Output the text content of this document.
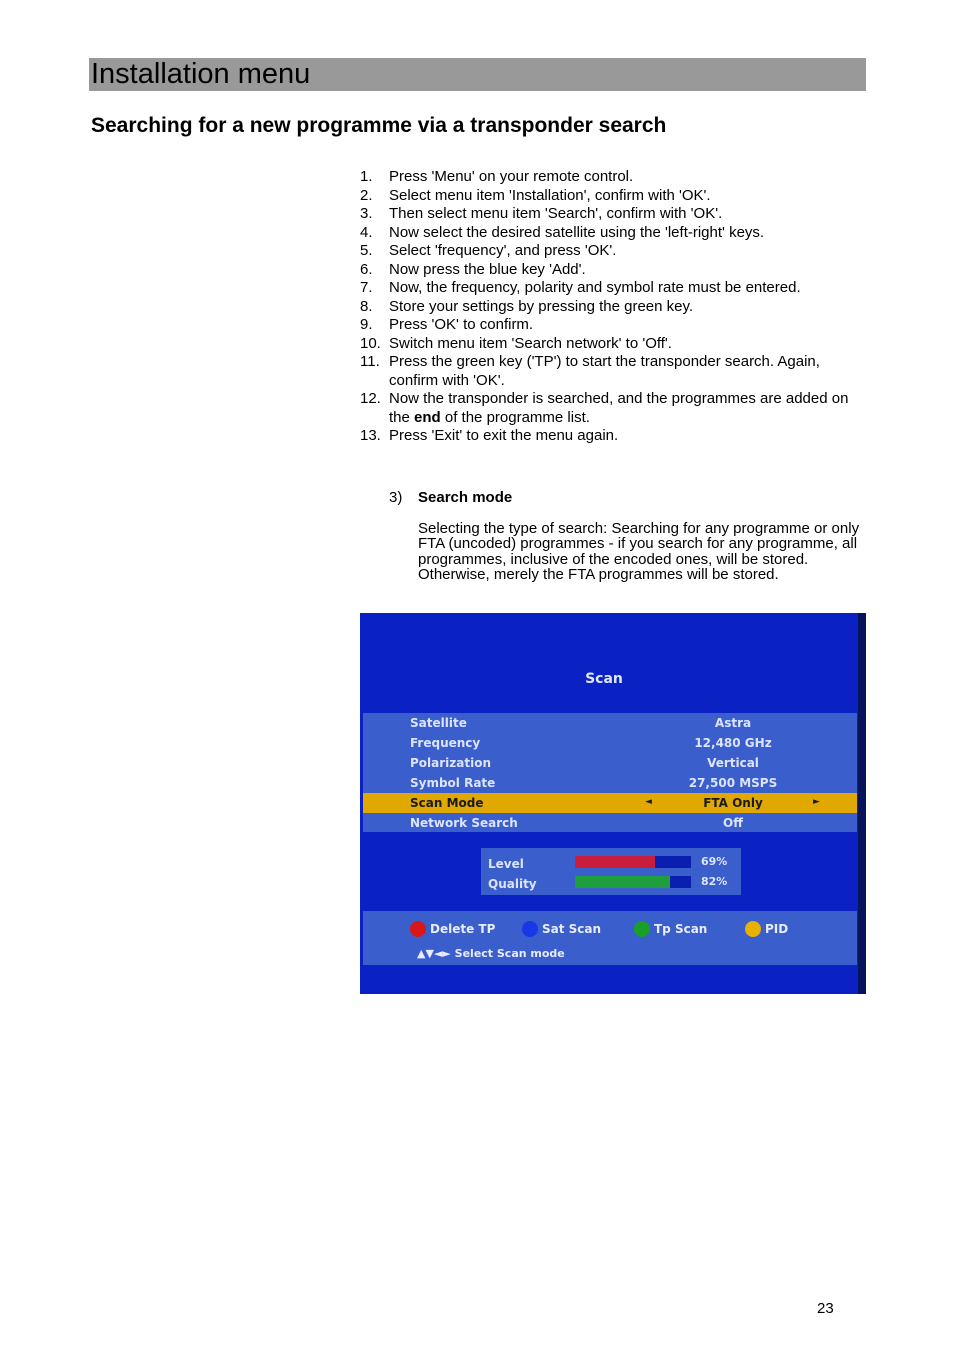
Installation menu
Searching for a new programme via a transponder search
1. Press 'Menu' on your remote control.
2. Select menu item 'Installation', confirm with 'OK'.
3. Then select menu item 'Search', confirm with 'OK'.
4. Now select the desired satellite using the 'left-right' keys.
5. Select 'frequency', and press 'OK'.
6. Now press the blue key 'Add'.
7. Now, the frequency, polarity and symbol rate must be entered.
8. Store your settings by pressing the green key.
9. Press 'OK' to confirm.
10. Switch menu item 'Search network' to 'Off'.
11. Press the green key ('TP') to start the transponder search. Again, confirm with 'OK'.
12. Now the transponder is searched, and the programmes are added on the end of the programme list.
13. Press 'Exit' to exit the menu again.
3) Search mode
Selecting the type of search: Searching for any programme or only FTA (uncoded) programmes - if you search for any programme, all programmes, inclusive of the encoded ones, will be stored. Otherwise, merely the FTA programmes will be stored.
Scan
Satellite	Astra
Frequency	12,480 GHz
Polarization	Vertical
Symbol Rate	27,500 MSPS
Scan Mode	◄	FTA Only	►
Network Search	Off
Level	69%
Quality	82%
Delete TP	Sat Scan	Tp Scan	PID
▲▼◄► Select Scan mode
23
